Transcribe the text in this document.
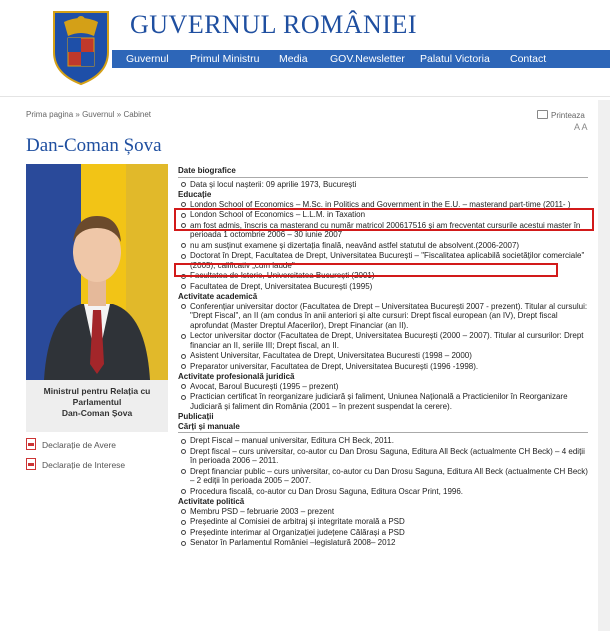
GUVERNUL ROMÂNIEI
Guvernul Primul Ministru Media GOV.Newsletter Palatul Victoria Contact
Prima pagina » Guvernul » Cabinet	Printeaza
A A
Dan-Coman Șova
Ministrul pentru Relația cu Parlamentul
Dan-Coman Șova
Declarație de Avere
Declarație de Interese
Date biografice
Data și locul nașterii: 09 aprilie 1973, București
Educație
London School of Economics – M.Sc. in Politics and Government in the E.U. – masterand part-time (2011- )
London School of Economics – L.L.M. in Taxation
am fost admis, înscris ca masterand cu număr matricol 200617516 și am frecventat cursurile acestui master în perioada 1 octombrie 2006 – 30 iunie 2007
nu am susținut examene și dizertația finală, neavând astfel statutul de absolvent.(2006-2007)
Doctorat în Drept, Facultatea de Drept, Universitatea București – "Fiscalitatea aplicabilă societăților comerciale" (2005), calificativ „cum laude"
Facultatea de Istorie, Universitatea București (2001)
Facultatea de Drept, Universitatea București (1995)
Activitate academică
Conferențiar universitar doctor (Facultatea de Drept – Universitatea București 2007 - prezent). Titular al cursului: "Drept Fiscal", an II (am condus în anii anteriori și alte cursuri: Drept fiscal european (an IV), Drept fiscal aprofundat (Master Dreptul Afacerilor), Drept Financiar (an II).
Lector universitar doctor (Facultatea de Drept, Universitatea București (2000 – 2007). Titular al cursurilor: Drept financiar an II, seriile III; Drept fiscal, an II.
Asistent Universitar, Facultatea de Drept, Universitatea Bucuresti (1998 – 2000)
Preparator universitar, Facultatea de Drept, Universitatea București (1996 -1998).
Activitate profesională juridică
Avocat, Baroul București (1995 – prezent)
Practician certificat în reorganizare judiciară și faliment, Uniunea Națională a Practicienilor în Reorganizare Judiciară și faliment din România (2001 – în prezent suspendat la cerere).
Publicații
Cărți și manuale
Drept Fiscal – manual universitar, Editura CH Beck, 2011.
Drept fiscal – curs universitar, co-autor cu Dan Drosu Saguna, Editura All Beck (actualmente CH Beck) – 4 ediții în perioada 2006 – 2011.
Drept financiar public – curs universitar, co-autor cu Dan Drosu Saguna, Editura All Beck (actualmente CH Beck) – 2 ediții în perioada 2005 – 2007.
Procedura fiscală, co-autor cu Dan Drosu Saguna, Editura Oscar Print, 1996.
Activitate politică
Membru PSD – februarie 2003 – prezent
Președinte al Comisiei de arbitraj și integritate morală a PSD
Președinte interimar al Organizației județene Călărași a PSD
Senator în Parlamentul României –legislatură 2008– 2012
